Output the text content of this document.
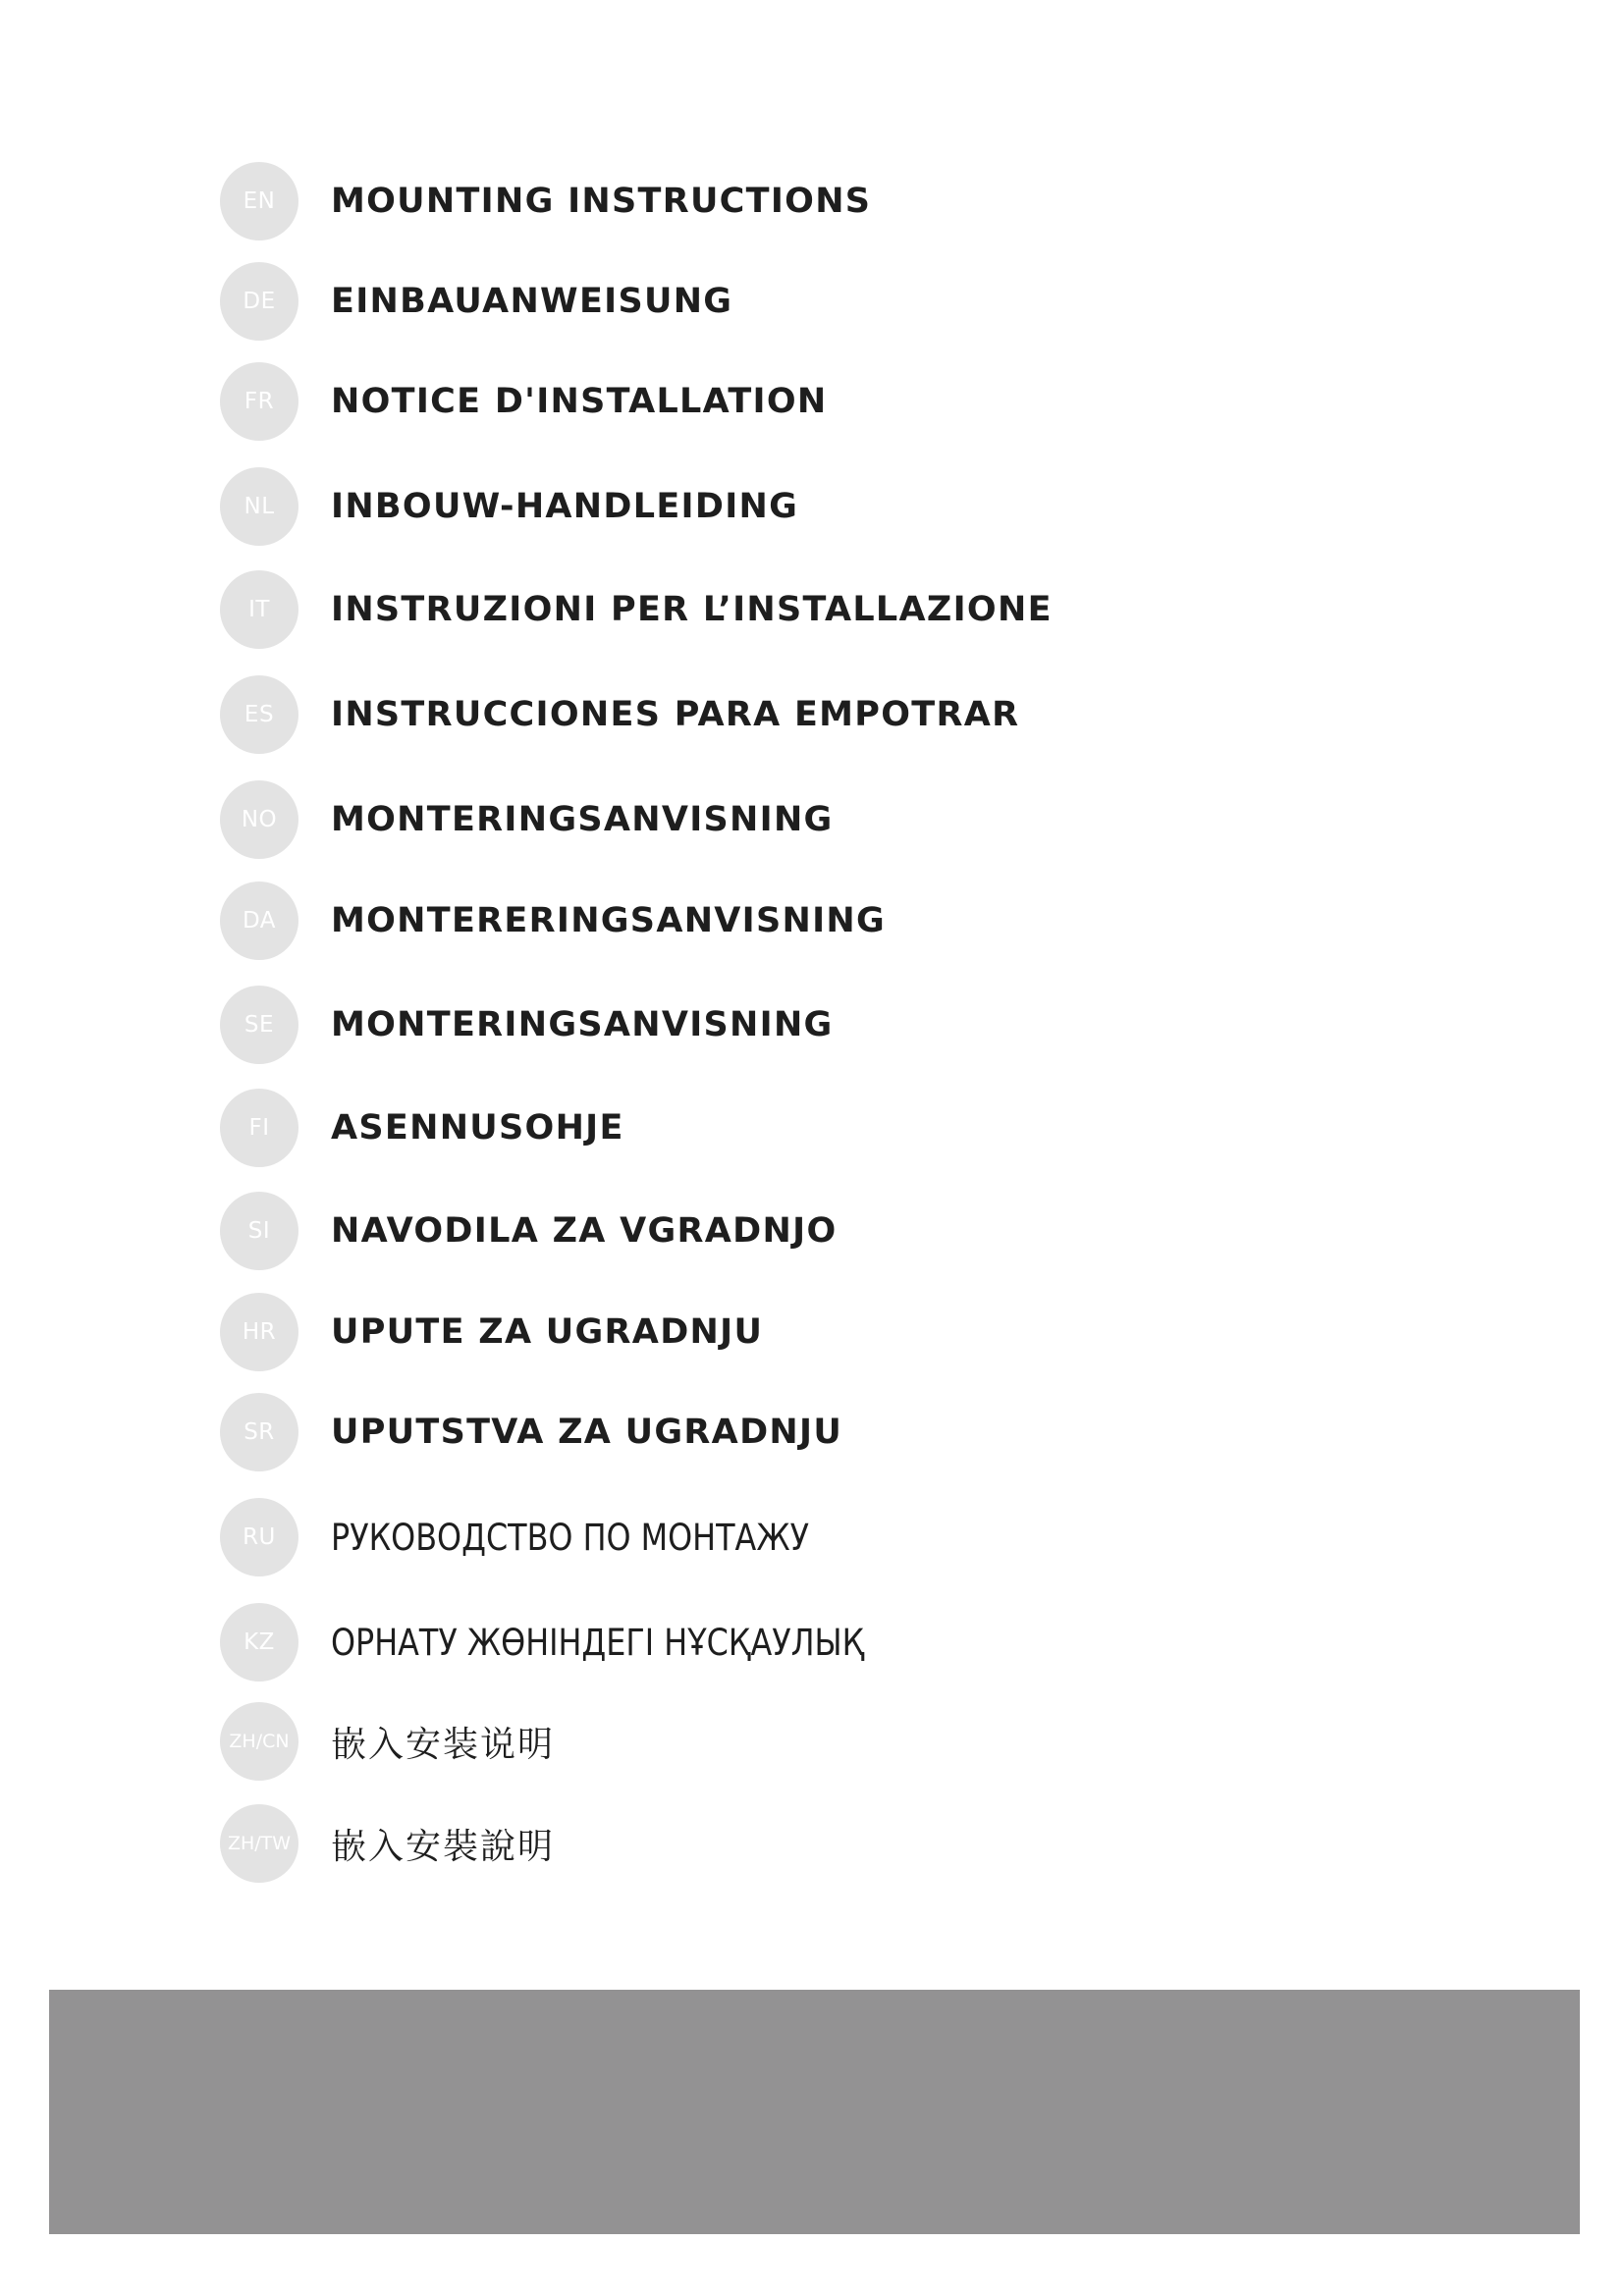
EN	MOUNTING INSTRUCTIONS
DE	EINBAUANWEISUNG
FR	NOTICE D'INSTALLATION
NL	INBOUW-HANDLEIDING
IT	INSTRUZIONI PER L’INSTALLAZIONE
ES	INSTRUCCIONES PARA EMPOTRAR
NO	MONTERINGSANVISNING
DA	MONTERERINGSANVISNING
SE	MONTERINGSANVISNING
FI	ASENNUSOHJE
SI	NAVODILA ZA VGRADNJO
HR	UPUTE ZA UGRADNJU
SR	UPUTSTVA ZA UGRADNJU
RU	РУКОВОДСТВО ПО МОНТАЖУ
KZ	ОРНАТУ ЖӨНІНДЕГІ НҰСҚАУЛЫҚ
ZH/CN 嵌入安装说明
ZH/TW 嵌入安裝說明
